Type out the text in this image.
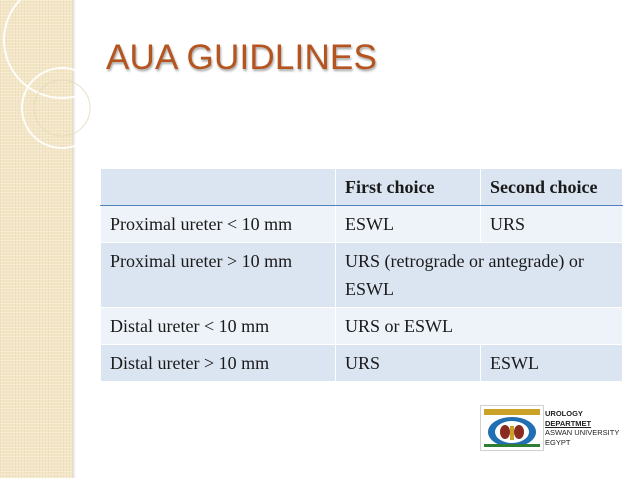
AUA GUIDLINES
	First choice	Second choice
Proximal ureter < 10 mm	ESWL	URS
Proximal ureter > 10 mm	URS (retrograde or antegrade) or ESWL	
Distal ureter < 10 mm	URS or ESWL	
Distal ureter > 10 mm	URS	ESWL
UROLOGY
DEPARTMET
ASWAN UNIVERSITY
EGYPT
